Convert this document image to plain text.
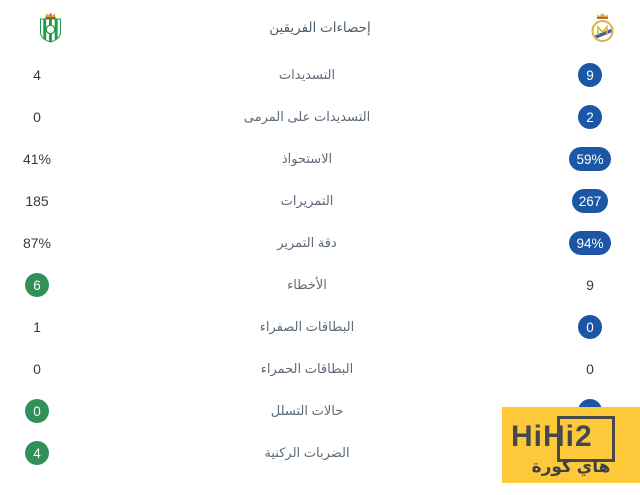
إحصاءات الفريقين
4	التسديدات	9
0	التسديدات على المرمى	2
41%	الاستحواذ	59%
185	التمريرات	267
87%	دقة التمرير	94%
6	الأخطاء	9
1	البطاقات الصفراء	0
0	البطاقات الحمراء	0
0	حالات التسلل
4	الضربات الركنية	HiHi2
هاي كورة
